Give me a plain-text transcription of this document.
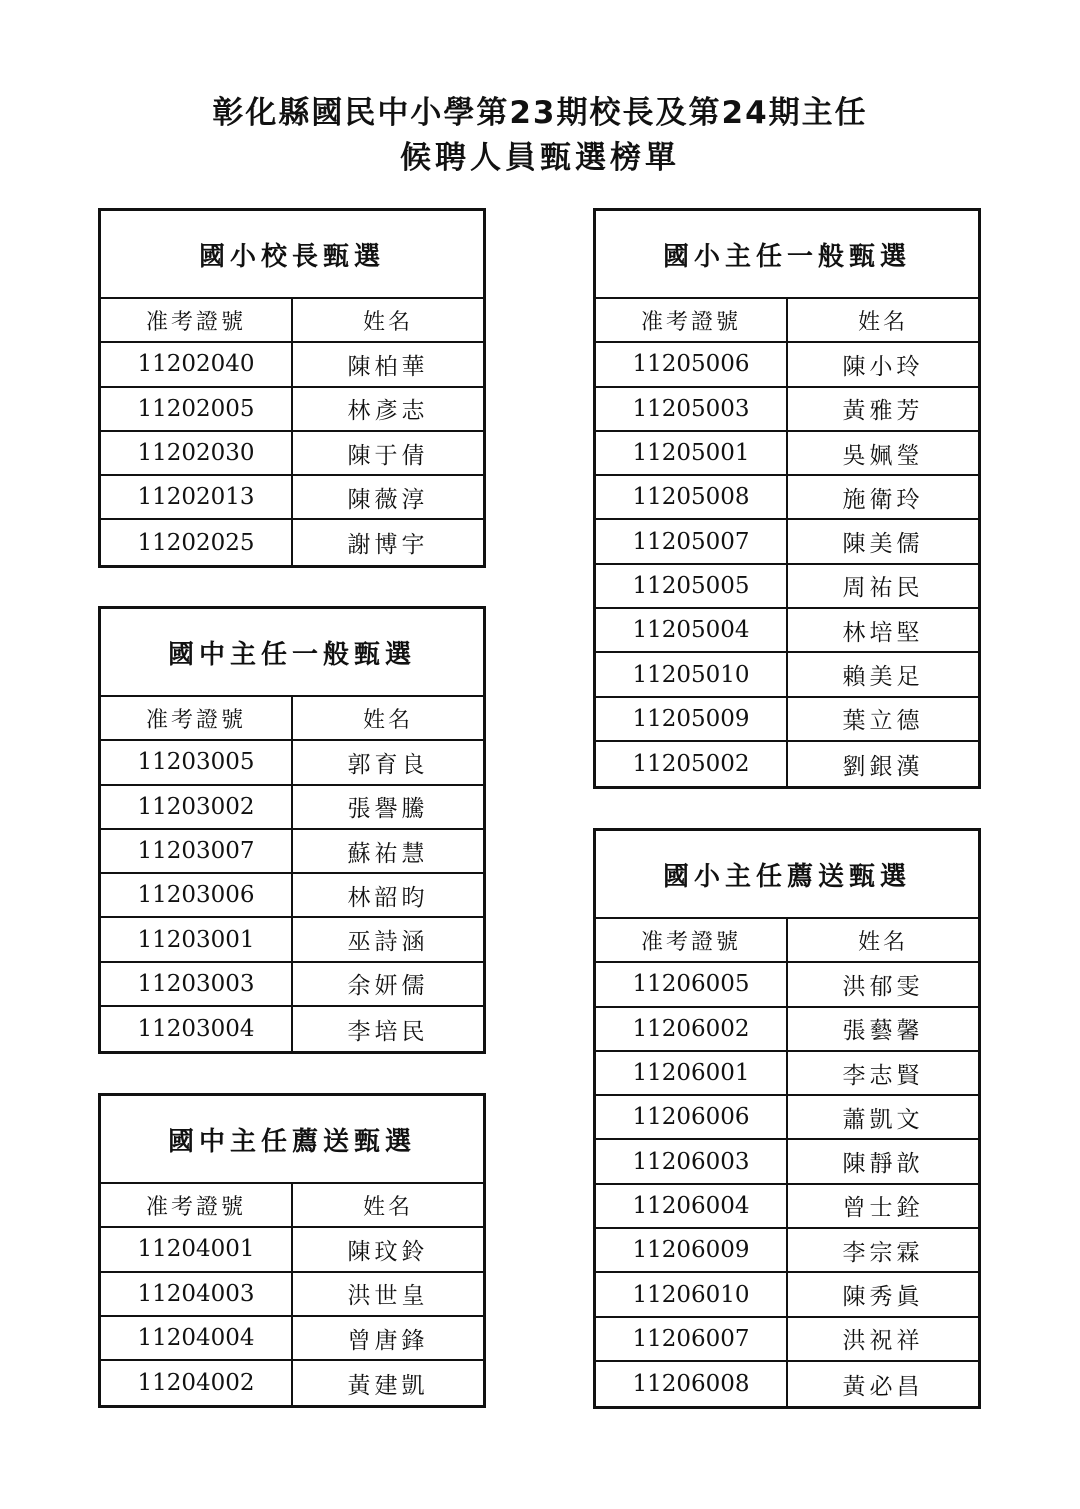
彰化縣國民中小學第23期校長及第24期主任
候聘人員甄選榜單
國小校長甄選
准考證號	姓名
11202040	陳柏華
11202005	林彥志
11202030	陳于倩
11202013	陳薇淳
11202025	謝博宇
國中主任一般甄選
准考證號	姓名
11203005	郭育良
11203002	張譽騰
11203007	蘇祐慧
11203006	林韶昀
11203001	巫詩涵
11203003	余妍儒
11203004	李培民
國中主任薦送甄選
准考證號	姓名
11204001	陳玟鈴
11204003	洪世皇
11204004	曾唐鋒
11204002	黃建凱
國小主任一般甄選
准考證號	姓名
11205006	陳小玲
11205003	黃雅芳
11205001	吳姵瑩
11205008	施衛玲
11205007	陳美儒
11205005	周祐民
11205004	林培堅
11205010	賴美足
11205009	葉立德
11205002	劉銀漢
國小主任薦送甄選
准考證號	姓名
11206005	洪郁雯
11206002	張藝馨
11206001	李志賢
11206006	蕭凱文
11206003	陳靜歆
11206004	曾士銓
11206009	李宗霖
11206010	陳秀眞
11206007	洪祝祥
11206008	黃必昌
